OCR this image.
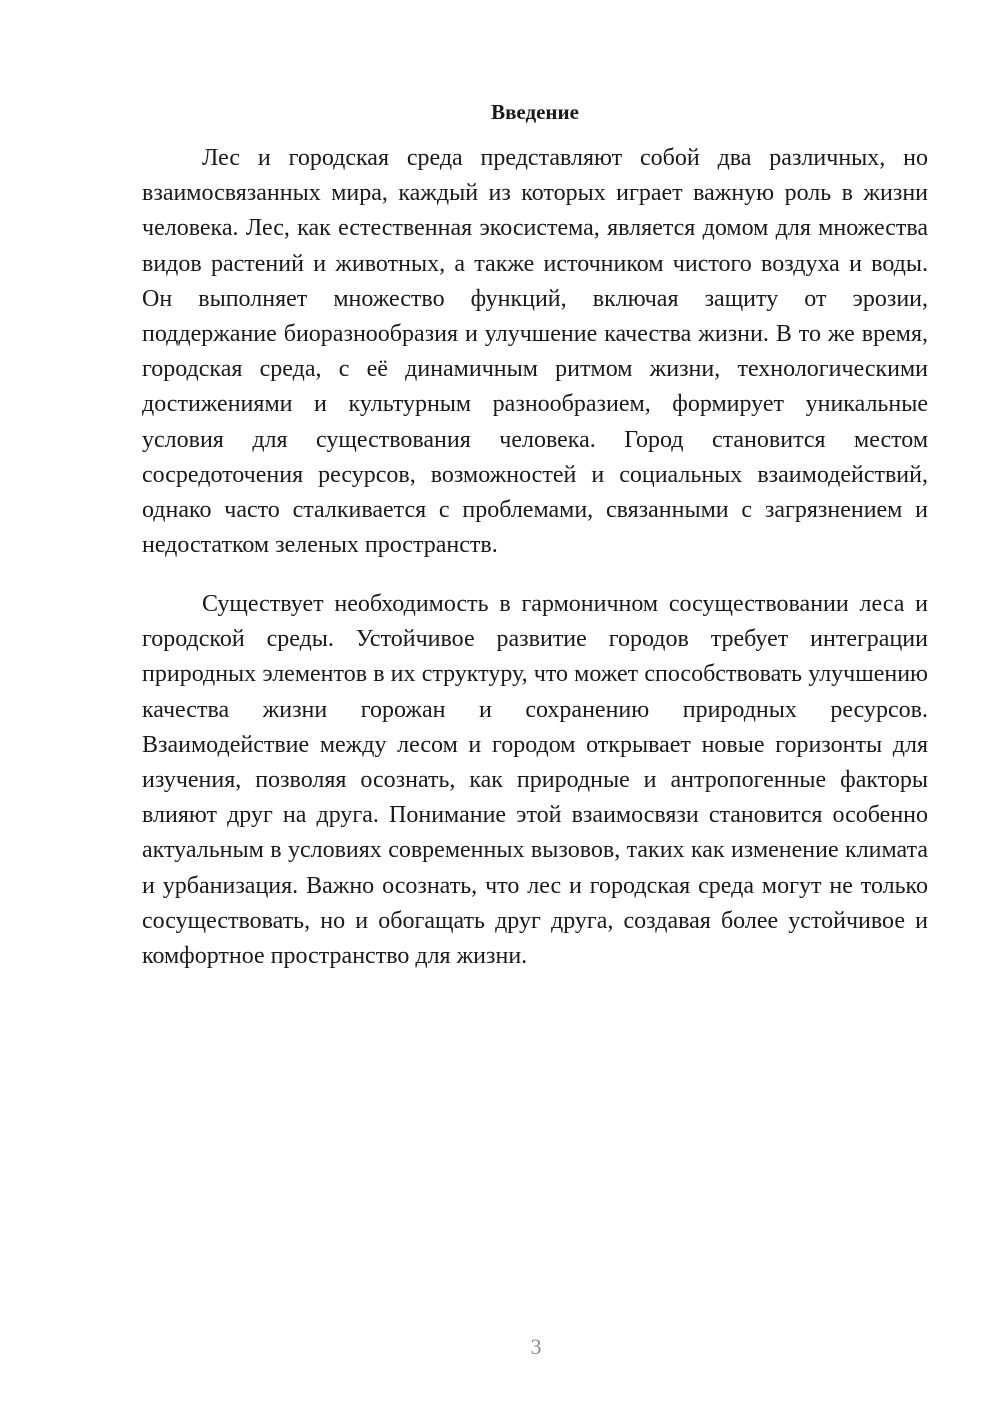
Введение

Лес и городская среда представляют собой два различных, но взаимосвязанных мира, каждый из которых играет важную роль в жизни человека. Лес, как естественная экосистема, является домом для множества видов растений и животных, а также источником чистого воздуха и воды. Он выполняет множество функций, включая защиту от эрозии, поддержание биоразнообразия и улучшение качества жизни. В то же время, городская среда, с её динамичным ритмом жизни, технологическими достижениями и культурным разнообразием, формирует уникальные условия для существования человека. Город становится местом сосредоточения ресурсов, возможностей и социальных взаимодействий, однако часто сталкивается с проблемами, связанными с загрязнением и недостатком зеленых пространств.

Существует необходимость в гармоничном сосуществовании леса и городской среды. Устойчивое развитие городов требует интеграции природных элементов в их структуру, что может способствовать улучшению качества жизни горожан и сохранению природных ресурсов. Взаимодействие между лесом и городом открывает новые горизонты для изучения, позволяя осознать, как природные и антропогенные факторы влияют друг на друга. Понимание этой взаимосвязи становится особенно актуальным в условиях современных вызовов, таких как изменение климата и урбанизация. Важно осознать, что лес и городская среда могут не только сосуществовать, но и обогащать друг друга, создавая более устойчивое и комфортное пространство для жизни.

3
